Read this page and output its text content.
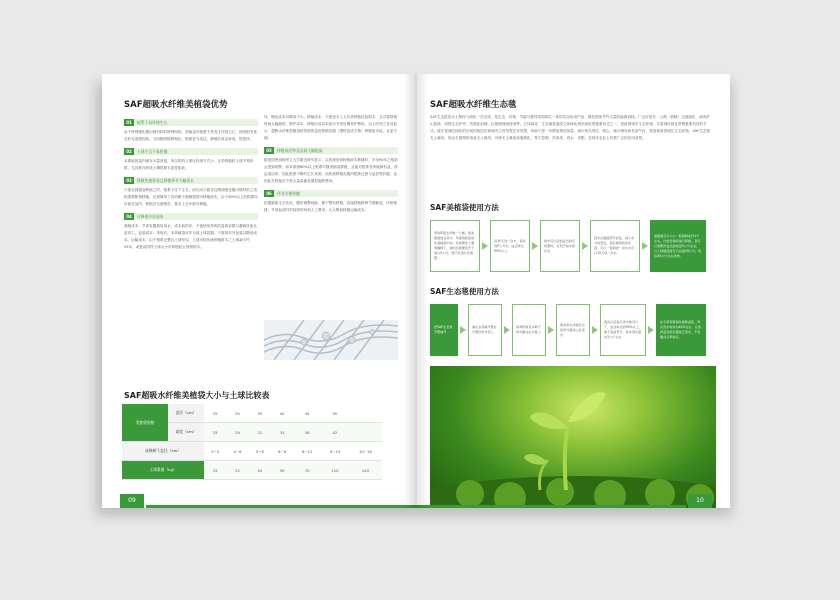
SAF超吸水纤维美植袋优势
01	根系不易环绕生长
由于特殊强化聚丙烯材料的特殊结构，美植袋内根系不易发生环绕生长，使须根发育良好无盘根现象，与同树龄植株相比，根系更为发达，移植后成活率高，恢复快。
02	土球小且不易松散
本系统因袋内保存大量须根，所以带的土球比传统方式小，且於移植时土球不易松散，尤其种在砂质土壤的树木更是如此。
03	移植快速容易且移植季节大幅延长
只需在栽植袋种植之时，根系不往下生长，而仅向少数穿过侧面强化聚丙烯材料之须根需要断根移植，仅需简单工具切断少数侧根即可移植树木，由于80%以上的根系均存留在袋内，移植后无需缓苗，基本上全年都可移植。
04	可降低多项成本
栽植成本：节省容器栽培用水，成本低的多，不需使用昂贵的盆栽容器与灌溉设备且更省工。包装成本：采收后，本美植袋可作为装土球容器，不需再另外包装以降低成本。运输成本：由于根系完整且土球坚实，土球可较传统种植树木之土球减少约25%，或是说同样土球大小可种植较大规格树木。
环、搬运成本可降低不少。移植成本：不需找木工人员来移植包装树木，且可将移植时间大幅缩短；维护成本：移植后成活率高可节省后期养护费用。以上所列之各项显示，超吸水纤维美植袋较传统的袋苗种植容器（塑料盆或木箱）种植成本低，且更方便。
05	移植成活率及品质大幅提高
据美国密西根州立大学最近研究显示，以传统田间种植树木移植时，多至90%之根部会受到切断，而本系统80%以上根系可随美植袋移植，且能对根系发育能够有益，保证成活率，因此根系不断的生长来源，而传统移植容器内根系过密与品质等问题，也因此在移植后不需大量浇灌及增加施肥费用。
06	作业方便快捷
依据最新生长状况，随时调整间距，便于整形移植；直接移植树种不需解袋，环保便捷，节省起苗时的装卸时间和人工费用，大大降低移植运输成本。
SAF超吸水纤维美植袋大小与土球比较表
美植袋规格	直径（cm）	25	30	35	40	45	50	
	高度（cm）	25	29	31	33	36	42	
成株树干直径（cm）		3~5	4~6	5~8	6~9	8~12	9~14	10~16
土球重量（kg）		15	22	40	50	70	110	140
09
SAF超吸水纤维生态毯
SAF生态毯是水土保持与绿化一次完成，是生态、环保、节能与柔性结构四位一体的实用应用产品，拥有国家节约大量的能源消耗。广泛应用在：公路（铁路）边坡绿化、废弃矿山复绿、河堤生态护岸、荒漠化治理、垃圾填埋场封场等。立体绿化：生态墙是盘绕立体绿化城市绿化的重要形式之一，是改善城市生态环境、丰富城市绿化景观重要有效的方式。能丰富城区绿化的空间结构层次和城市立体景观艺术效果，有助于进一步增加城市绿量，减少热岛效应、吸尘、减少噪音和有害气体，营造和改善城区生态环境。SAF生态毯无土栽培，如水生植物的垂直无土栽培，可使无土栽培设施简化，易于控制，效率高，省水、省肥，在现代农业上有着广泛的应用前景。
SAF美植袋使用方法
用SAF吸水纤维一个桶，把美植袋放在其中，用准将树苗放在美植袋中间，把原种在土壤周围种下，树的四周要离开于袋口5公分，便于在浇水及施肥。
每10天浇一次水，每次浇5公升水，成活率达90%以上。
袋中可以添加适当的有机肥料，有利于树木的生长。
浇水次数随季节而变，减少水分的蒸发，保证植物的需求量，可以一星期浇一次水也可以15天浇一次水。
美植袋可以大小一般控制在约1个左右，比较容易的进行移植，且可以追肥改良达到质量5公分左右，以上移植高度可以达到30公分，然后30公分左右浇透。
SAF生态毯使用方法
把SAF生态毯平整铺开
减生态毯填平整在平整好的外表上
将草籽或花卉种子均匀撒在生态毯上
两次用水浇施生态毯充分湿润之后浇水
两次以后进行浇水就可以了，成活率达到95%以上，施于高温季节，每次浇水量在5公斤左右
在冬季若要保持植物温度，再次浇水时间为40%左右，在选择适当的位置进行浇水，不需要在冬季进行。
10
